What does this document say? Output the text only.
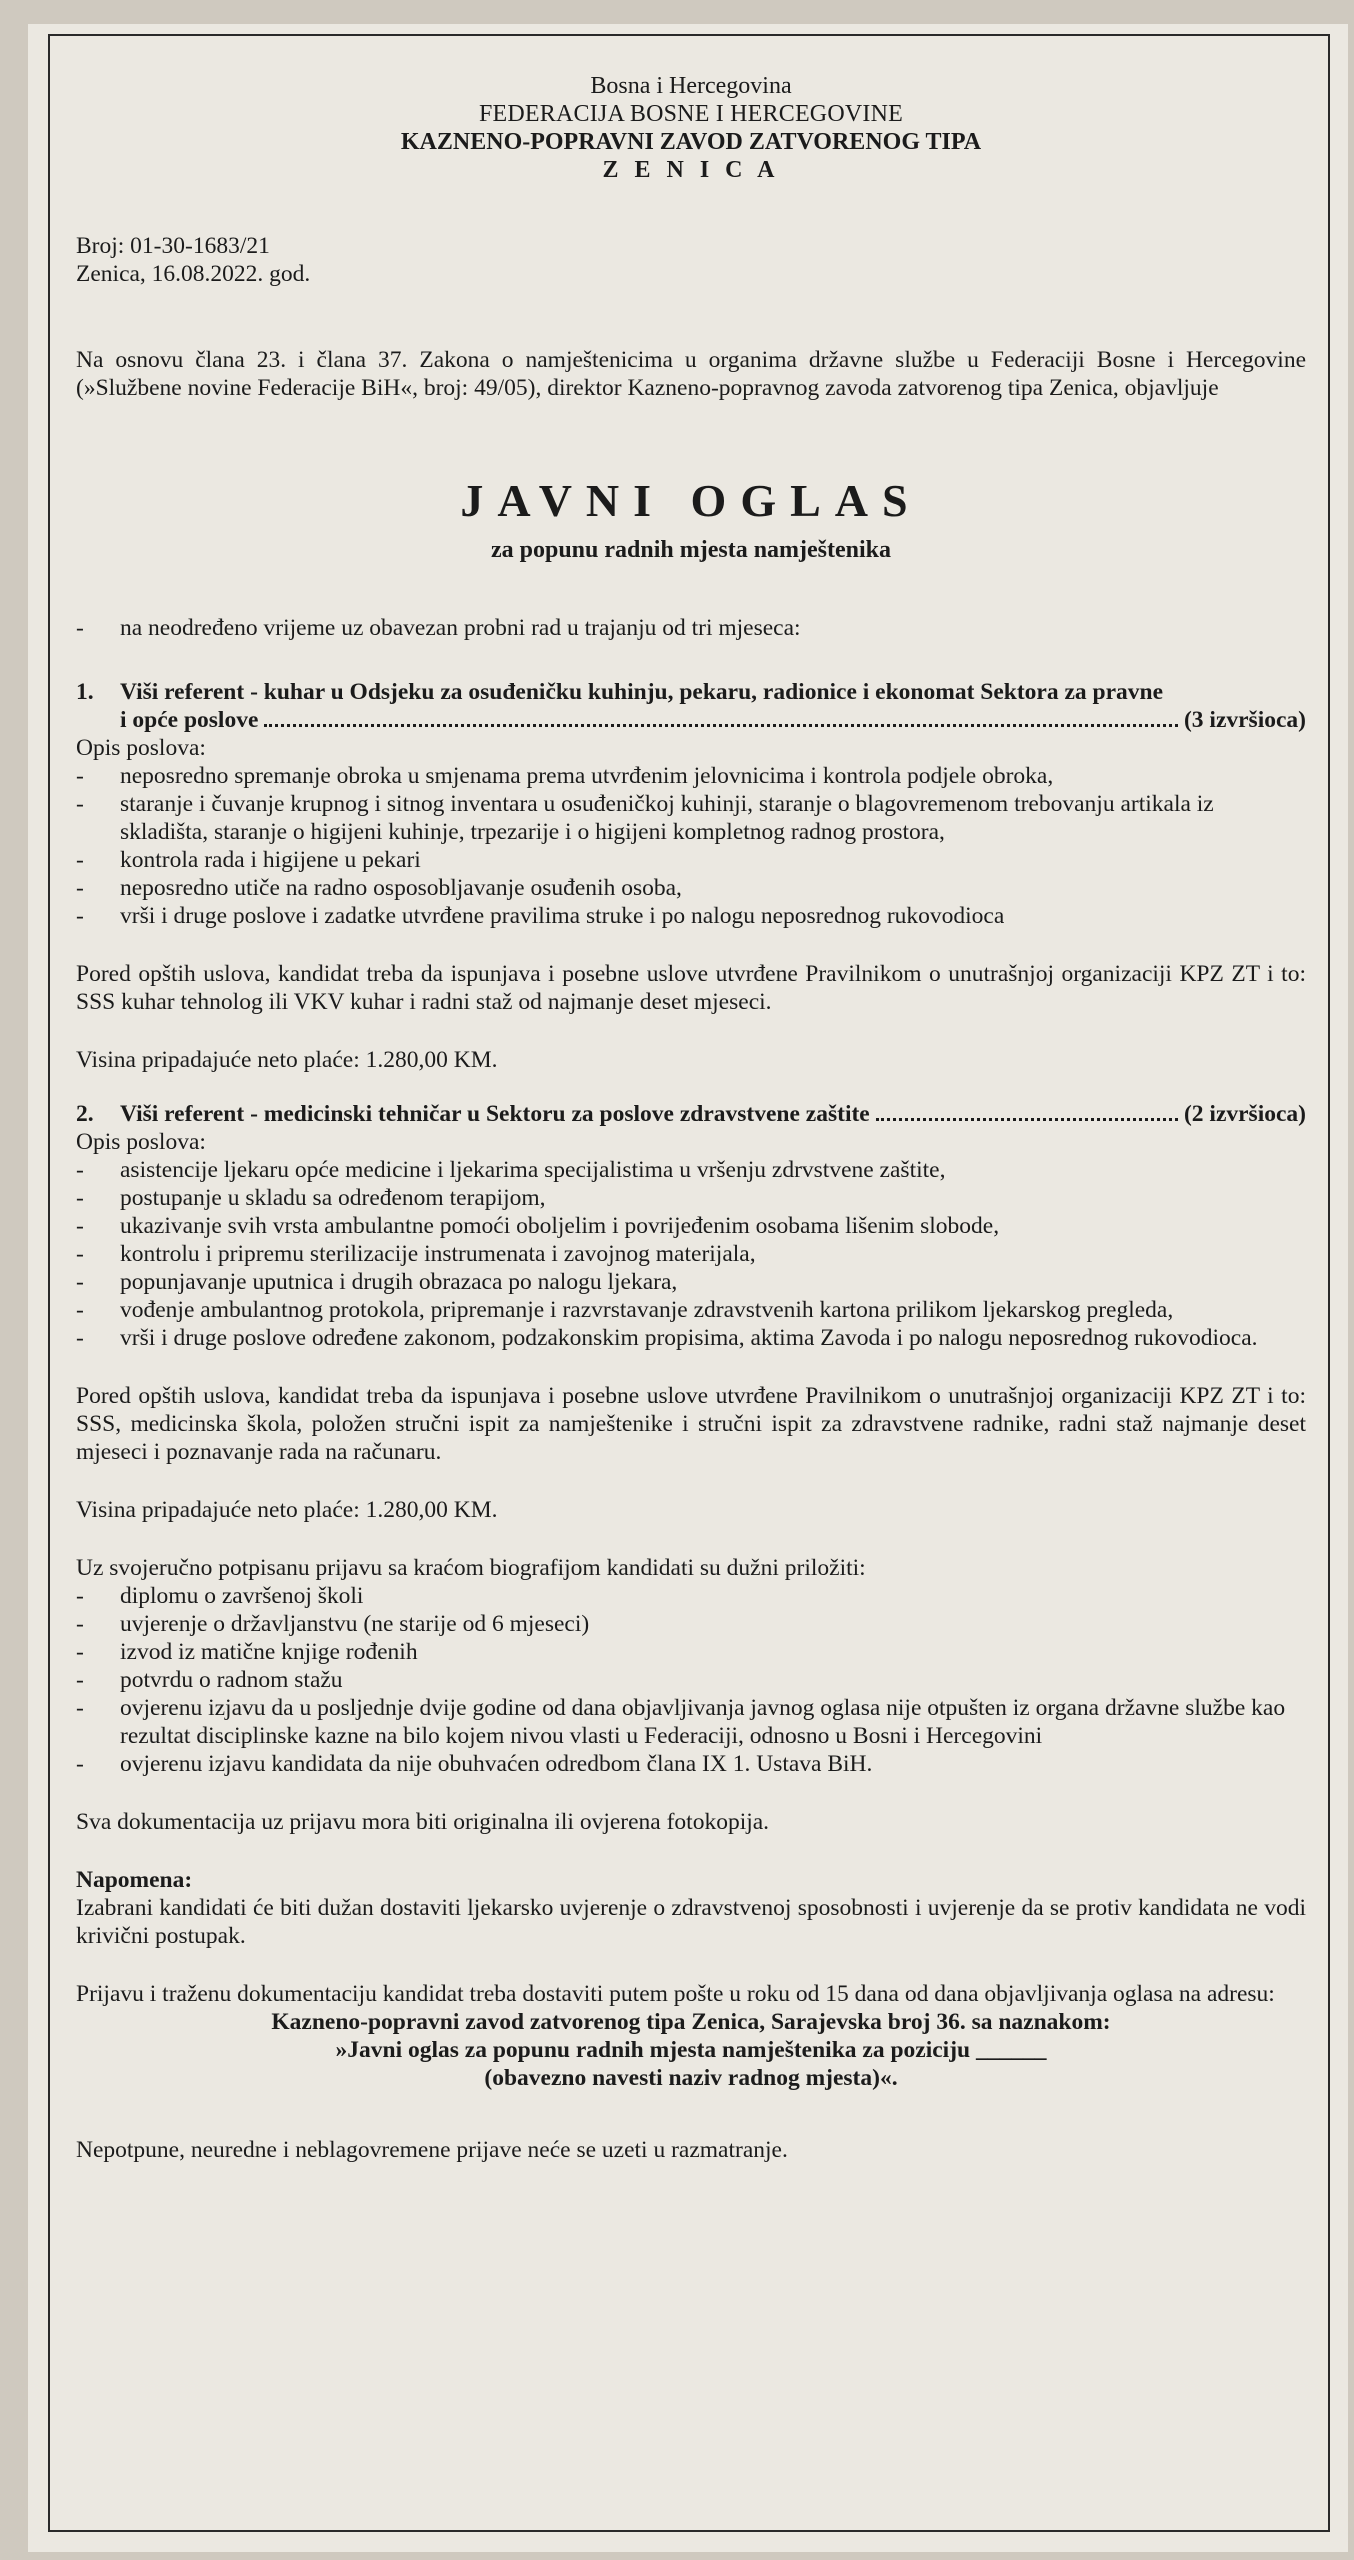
Bosna i Hercegovina
FEDERACIJA BOSNE I HERCEGOVINE
KAZNENO-POPRAVNI ZAVOD ZATVORENOG TIPA
Z E N I C A
Broj: 01-30-1683/21
Zenica, 16.08.2022. god.
Na osnovu člana 23. i člana 37. Zakona o namještenicima u organima državne službe u Federaciji Bosne i Hercegovine (»Službene novine Federacije BiH«, broj: 49/05), direktor Kazneno-popravnog zavoda zatvorenog tipa Zenica, objavljuje
JAVNI OGLAS
za popunu radnih mjesta namještenika
-	na neodređeno vrijeme uz obavezan probni rad u trajanju od tri mjeseca:
1.	Viši referent - kuhar u Odsjeku za osuđeničku kuhinju, pekaru, radionice i ekonomat Sektora za pravne
i opće poslove	(3 izvršioca)
Opis poslova:
-	neposredno spremanje obroka u smjenama prema utvrđenim jelovnicima i kontrola podjele obroka,
-	staranje i čuvanje krupnog i sitnog inventara u osuđeničkoj kuhinji, staranje o blagovremenom trebovanju artikala iz skladišta, staranje o higijeni kuhinje, trpezarije i o higijeni kompletnog radnog prostora,
-	kontrola rada i higijene u pekari
-	neposredno utiče na radno osposobljavanje osuđenih osoba,
-	vrši i druge poslove i zadatke utvrđene pravilima struke i po nalogu neposrednog rukovodioca
Pored opštih uslova, kandidat treba da ispunjava i posebne uslove utvrđene Pravilnikom o unutrašnjoj organizaciji KPZ ZT i to: SSS kuhar tehnolog ili VKV kuhar i radni staž od najmanje deset mjeseci.
Visina pripadajuće neto plaće: 1.280,00 KM.
2.	Viši referent - medicinski tehničar u Sektoru za poslove zdravstvene zaštite	(2 izvršioca)
Opis poslova:
-	asistencije ljekaru opće medicine i ljekarima specijalistima u vršenju zdrvstvene zaštite,
-	postupanje u skladu sa određenom terapijom,
-	ukazivanje svih vrsta ambulantne pomoći oboljelim i povrijeđenim osobama lišenim slobode,
-	kontrolu i pripremu sterilizacije instrumenata i zavojnog materijala,
-	popunjavanje uputnica i drugih obrazaca po nalogu ljekara,
-	vođenje ambulantnog protokola, pripremanje i razvrstavanje zdravstvenih kartona prilikom ljekarskog pregleda,
-	vrši i druge poslove određene zakonom, podzakonskim propisima, aktima Zavoda i po nalogu neposrednog rukovodioca.
Pored opštih uslova, kandidat treba da ispunjava i posebne uslove utvrđene Pravilnikom o unutrašnjoj organizaciji KPZ ZT i to: SSS, medicinska škola, položen stručni ispit za namještenike i stručni ispit za zdravstvene radnike, radni staž najmanje deset mjeseci i poznavanje rada na računaru.
Visina pripadajuće neto plaće: 1.280,00 KM.
Uz svojeručno potpisanu prijavu sa kraćom biografijom kandidati su dužni priložiti:
-	diplomu o završenoj školi
-	uvjerenje o državljanstvu (ne starije od 6 mjeseci)
-	izvod iz matične knjige rođenih
-	potvrdu o radnom stažu
-	ovjerenu izjavu da u posljednje dvije godine od dana objavljivanja javnog oglasa nije otpušten iz organa državne službe kao rezultat disciplinske kazne na bilo kojem nivou vlasti u Federaciji, odnosno u Bosni i Hercegovini
-	ovjerenu izjavu kandidata da nije obuhvaćen odredbom člana IX 1. Ustava BiH.
Sva dokumentacija uz prijavu mora biti originalna ili ovjerena fotokopija.
Napomena:
Izabrani kandidati će biti dužan dostaviti ljekarsko uvjerenje o zdravstvenoj sposobnosti i uvjerenje da se protiv kandidata ne vodi krivični postupak.
Prijavu i traženu dokumentaciju kandidat treba dostaviti putem pošte u roku od 15 dana od dana objavljivanja oglasa na adresu:
Kazneno-popravni zavod zatvorenog tipa Zenica, Sarajevska broj 36. sa naznakom:
»Javni oglas za popunu radnih mjesta namještenika za poziciju ______
(obavezno navesti naziv radnog mjesta)«.
Nepotpune, neuredne i neblagovremene prijave neće se uzeti u razmatranje.
